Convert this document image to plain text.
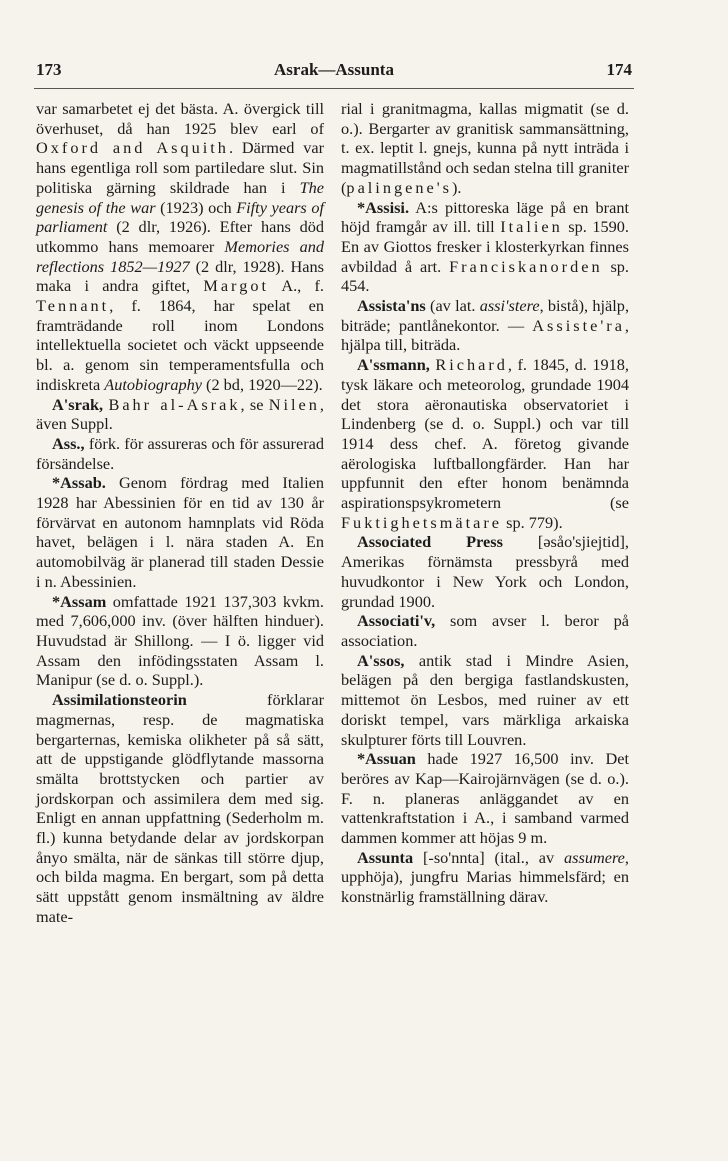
173	Asrak—Assunta	174

var samarbetet ej det bästa. A. övergick till överhuset, då han 1925 blev earl of Oxford and Asquith. Därmed var hans egentliga roll som partiledare slut. Sin politiska gärning skildrade han i The genesis of the war (1923) och Fifty years of parliament (2 dlr, 1926). Efter hans död utkommo hans memoarer Memories and reflections 1852—1927 (2 dlr, 1928). Hans maka i andra giftet, Margot A., f. Tennant, f. 1864, har spelat en framträdande roll inom Londons intellektuella societet och väckt uppseende bl. a. genom sin temperamentsfulla och indiskreta Autobiography (2 bd, 1920—22).

A'srak, Bahr al-Asrak, se Nilen, även Suppl.

Ass., förk. för assureras och för assurerad försändelse.

*Assab. Genom fördrag med Italien 1928 har Abessinien för en tid av 130 år förvärvat en autonom hamnplats vid Röda havet, belägen i l. nära staden A. En automobilväg är planerad till staden Dessie i n. Abessinien.

*Assam omfattade 1921 137,303 kvkm. med 7,606,000 inv. (över hälften hinduer). Huvudstad är Shillong. — I ö. ligger vid Assam den infödingsstaten Assam l. Manipur (se d. o. Suppl.).

Assimilationsteorin förklarar magmernas, resp. de magmatiska bergarternas, kemiska olikheter på så sätt, att de uppstigande glödflytande massorna smälta brottstycken och partier av jordskorpan och assimilera dem med sig. Enligt en annan uppfattning (Sederholm m. fl.) kunna betydande delar av jordskorpan ånyo smälta, när de sänkas till större djup, och bilda magma. En bergart, som på detta sätt uppstått genom insmältning av äldre mate-

rial i granitmagma, kallas migmatit (se d. o.). Bergarter av granitisk sammansättning, t. ex. leptit l. gnejs, kunna på nytt inträda i magmatillstånd och sedan stelna till graniter (palingene's).

*Assisi. A:s pittoreska läge på en brant höjd framgår av ill. till Italien sp. 1590. En av Giottos fresker i klosterkyrkan finnes avbildad å art. Franciskanorden sp. 454.

Assista'ns (av lat. assi'stere, bistå), hjälp, biträde; pantlånekontor. — Assiste'ra, hjälpa till, biträda.

A'ssmann, Richard, f. 1845, d. 1918, tysk läkare och meteorolog, grundade 1904 det stora aëronautiska observatoriet i Lindenberg (se d. o. Suppl.) och var till 1914 dess chef. A. företog givande aërologiska luftballongfärder. Han har uppfunnit den efter honom benämnda aspirationspsykrometern (se Fuktighetsmätare sp. 779).

Associated Press [əsåo'sjiejtid], Amerikas förnämsta pressbyrå med huvudkontor i New York och London, grundad 1900.

Associati'v, som avser l. beror på association.

A'ssos, antik stad i Mindre Asien, belägen på den bergiga fastlandskusten, mittemot ön Lesbos, med ruiner av ett doriskt tempel, vars märkliga arkaiska skulpturer förts till Louvren.

*Assuan hade 1927 16,500 inv. Det beröres av Kap—Kairojärnvägen (se d. o.). F. n. planeras anläggandet av en vattenkraftstation i A., i samband varmed dammen kommer att höjas 9 m.

Assunta [-so'nnta] (ital., av assumere, upphöja), jungfru Marias himmelsfärd; en konstnärlig framställning därav.
